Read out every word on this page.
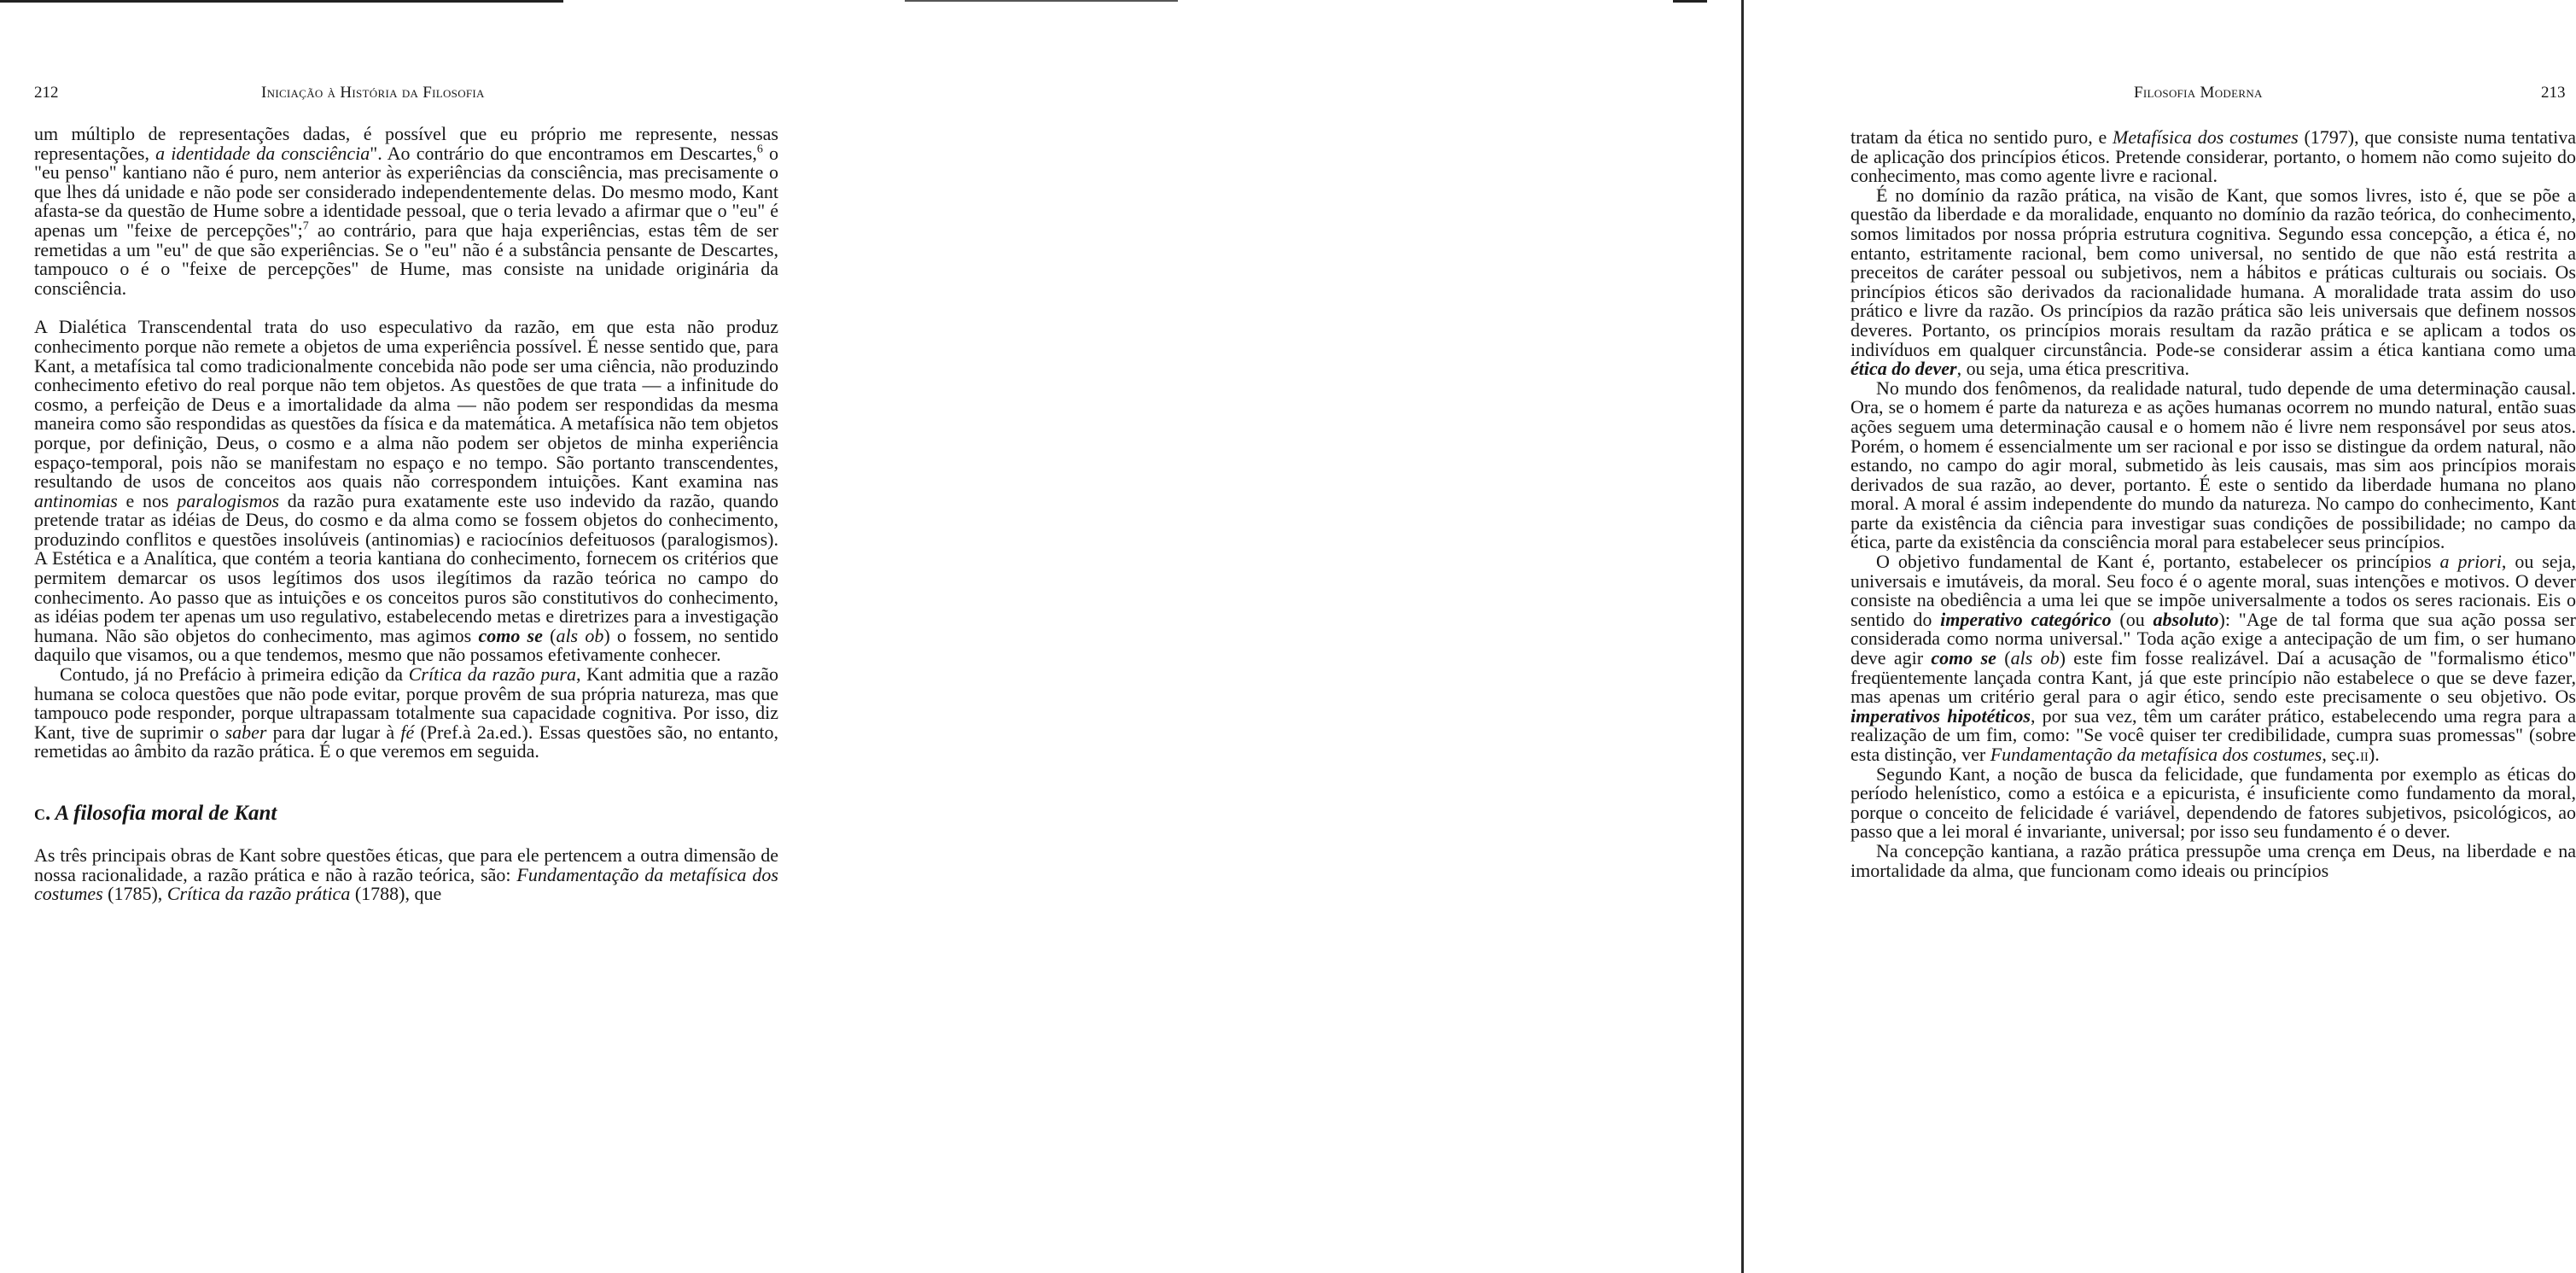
212	Iniciação à História da Filosofia

um múltiplo de representações dadas, é possível que eu próprio me represente, nessas representações, a identidade da consciência". Ao contrário do que encontramos em Descartes,$^6$ o "eu penso" kantiano não é puro, nem anterior às experiências da consciência, mas precisamente o que lhes dá unidade e não pode ser considerado independentemente delas. Do mesmo modo, Kant afasta-se da questão de Hume sobre a identidade pessoal, que o teria levado a afirmar que o "eu" é apenas um "feixe de percepções";$^7$ ao contrário, para que haja experiências, estas têm de ser remetidas a um "eu" de que são experiências. Se o "eu" não é a substância pensante de Descartes, tampouco o é o "feixe de percepções" de Hume, mas consiste na unidade originária da consciência.

A Dialética Transcendental trata do uso especulativo da razão, em que esta não produz conhecimento porque não remete a objetos de uma experiência possível. É nesse sentido que, para Kant, a metafísica tal como tradicionalmente concebida não pode ser uma ciência, não produzindo conhecimento efetivo do real porque não tem objetos. As questões de que trata — a infinitude do cosmo, a perfeição de Deus e a imortalidade da alma — não podem ser respondidas da mesma maneira como são respondidas as questões da física e da matemática. A metafísica não tem objetos porque, por definição, Deus, o cosmo e a alma não podem ser objetos de minha experiência espaço-temporal, pois não se manifestam no espaço e no tempo. São portanto transcendentes, resultando de usos de conceitos aos quais não correspondem intuições. Kant examina nas antinomias e nos paralogismos da razão pura exatamente este uso indevido da razão, quando pretende tratar as idéias de Deus, do cosmo e da alma como se fossem objetos do conhecimento, produzindo conflitos e questões insolúveis (antinomias) e raciocínios defeituosos (paralogismos). A Estética e a Analítica, que contém a teoria kantiana do conhecimento, fornecem os critérios que permitem demarcar os usos legítimos dos usos ilegítimos da razão teórica no campo do conhecimento. Ao passo que as intuições e os conceitos puros são constitutivos do conhecimento, as idéias podem ter apenas um uso regulativo, estabelecendo metas e diretrizes para a investigação humana. Não são objetos do conhecimento, mas agimos como se (als ob) o fossem, no sentido daquilo que visamos, ou a que tendemos, mesmo que não possamos efetivamente conhecer.

Contudo, já no Prefácio à primeira edição da Crítica da razão pura, Kant admitia que a razão humana se coloca questões que não pode evitar, porque provêm de sua própria natureza, mas que tampouco pode responder, porque ultrapassam totalmente sua capacidade cognitiva. Por isso, diz Kant, tive de suprimir o saber para dar lugar à fé (Pref.à 2a.ed.). Essas questões são, no entanto, remetidas ao âmbito da razão prática. É o que veremos em seguida.

c. A filosofia moral de Kant

As três principais obras de Kant sobre questões éticas, que para ele pertencem a outra dimensão de nossa racionalidade, a razão prática e não à razão teórica, são: Fundamentação da metafísica dos costumes (1785), Crítica da razão prática (1788), que

Filosofia Moderna	213

tratam da ética no sentido puro, e Metafísica dos costumes (1797), que consiste numa tentativa de aplicação dos princípios éticos. Pretende considerar, portanto, o homem não como sujeito do conhecimento, mas como agente livre e racional.

É no domínio da razão prática, na visão de Kant, que somos livres, isto é, que se põe a questão da liberdade e da moralidade, enquanto no domínio da razão teórica, do conhecimento, somos limitados por nossa própria estrutura cognitiva. Segundo essa concepção, a ética é, no entanto, estritamente racional, bem como universal, no sentido de que não está restrita a preceitos de caráter pessoal ou subjetivos, nem a hábitos e práticas culturais ou sociais. Os princípios éticos são derivados da racionalidade humana. A moralidade trata assim do uso prático e livre da razão. Os princípios da razão prática são leis universais que definem nossos deveres. Portanto, os princípios morais resultam da razão prática e se aplicam a todos os indivíduos em qualquer circunstância. Pode-se considerar assim a ética kantiana como uma ética do dever, ou seja, uma ética prescritiva.

No mundo dos fenômenos, da realidade natural, tudo depende de uma determinação causal. Ora, se o homem é parte da natureza e as ações humanas ocorrem no mundo natural, então suas ações seguem uma determinação causal e o homem não é livre nem responsável por seus atos. Porém, o homem é essencialmente um ser racional e por isso se distingue da ordem natural, não estando, no campo do agir moral, submetido às leis causais, mas sim aos princípios morais derivados de sua razão, ao dever, portanto. É este o sentido da liberdade humana no plano moral. A moral é assim independente do mundo da natureza. No campo do conhecimento, Kant parte da existência da ciência para investigar suas condições de possibilidade; no campo da ética, parte da existência da consciência moral para estabelecer seus princípios.

O objetivo fundamental de Kant é, portanto, estabelecer os princípios a priori, ou seja, universais e imutáveis, da moral. Seu foco é o agente moral, suas intenções e motivos. O dever consiste na obediência a uma lei que se impõe universalmente a todos os seres racionais. Eis o sentido do imperativo categórico (ou absoluto): "Age de tal forma que sua ação possa ser considerada como norma universal." Toda ação exige a antecipação de um fim, o ser humano deve agir como se (als ob) este fim fosse realizável. Daí a acusação de "formalismo ético" freqüentemente lançada contra Kant, já que este princípio não estabelece o que se deve fazer, mas apenas um critério geral para o agir ético, sendo este precisamente o seu objetivo. Os imperativos hipotéticos, por sua vez, têm um caráter prático, estabelecendo uma regra para a realização de um fim, como: "Se você quiser ter credibilidade, cumpra suas promessas" (sobre esta distinção, ver Fundamentação da metafísica dos costumes, seç.ii).

Segundo Kant, a noção de busca da felicidade, que fundamenta por exemplo as éticas do período helenístico, como a estóica e a epicurista, é insuficiente como fundamento da moral, porque o conceito de felicidade é variável, dependendo de fatores subjetivos, psicológicos, ao passo que a lei moral é invariante, universal; por isso seu fundamento é o dever.

Na concepção kantiana, a razão prática pressupõe uma crença em Deus, na liberdade e na imortalidade da alma, que funcionam como ideais ou princípios
